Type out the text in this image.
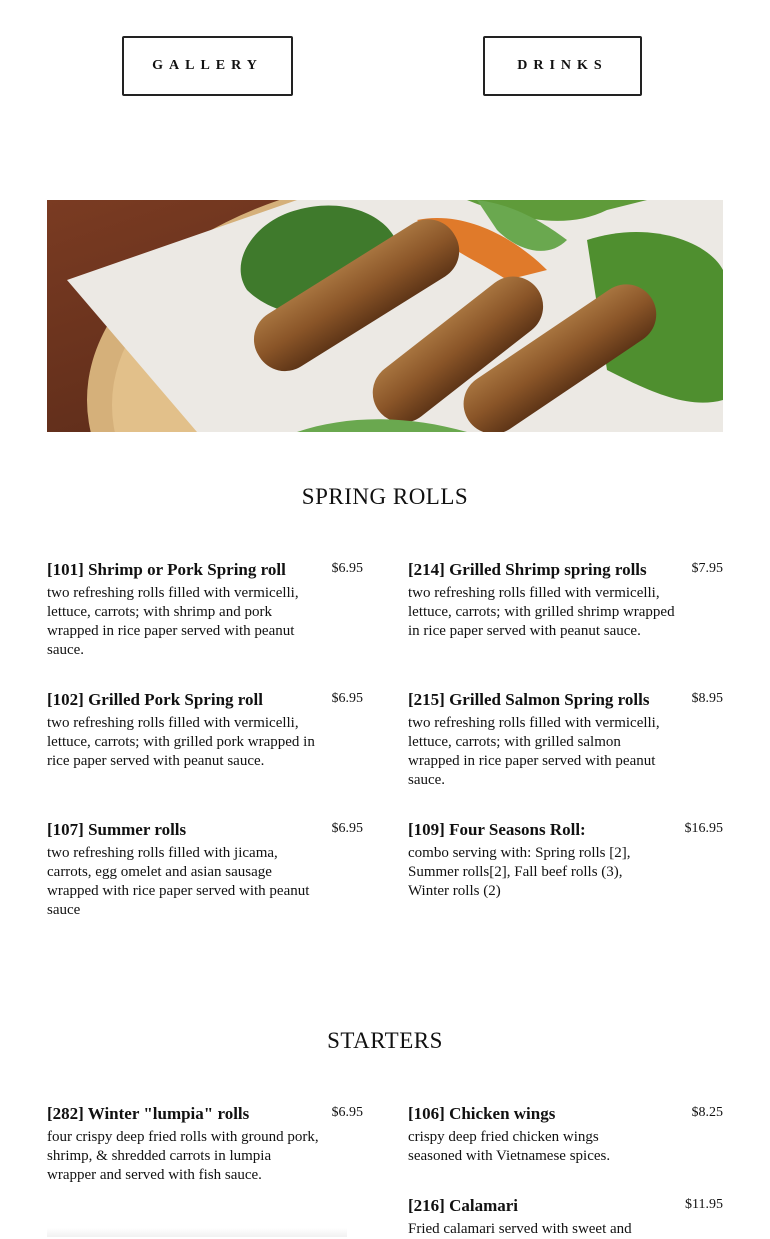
GALLERY	DRINKS
SPRING ROLLS
[101] Shrimp or Pork Spring roll	$6.95
two refreshing rolls filled with vermicelli, lettuce, carrots; with shrimp and pork wrapped in rice paper served with peanut sauce.
[214] Grilled Shrimp spring rolls	$7.95
two refreshing rolls filled with vermicelli, lettuce, carrots; with grilled shrimp wrapped in rice paper served with peanut sauce.
[102] Grilled Pork Spring roll	$6.95
two refreshing rolls filled with vermicelli, lettuce, carrots; with grilled pork wrapped in rice paper served with peanut sauce.
[215] Grilled Salmon Spring rolls	$8.95
two refreshing rolls filled with vermicelli, lettuce, carrots; with grilled salmon wrapped in rice paper served with peanut sauce.
[107] Summer rolls	$6.95
two refreshing rolls filled with jicama, carrots, egg omelet and asian sausage wrapped with rice paper served with peanut sauce
[109] Four Seasons Roll:	$16.95
combo serving with: Spring rolls [2], Summer rolls[2], Fall beef rolls (3), Winter rolls (2)
STARTERS
[282] Winter "lumpia" rolls	$6.95
four crispy deep fried rolls with ground pork, shrimp, & shredded carrots in lumpia wrapper and served with fish sauce.
[106] Chicken wings	$8.25
crispy deep fried chicken wings seasoned with Vietnamese spices.
[216] Calamari	$11.95
Fried calamari served with sweet and
